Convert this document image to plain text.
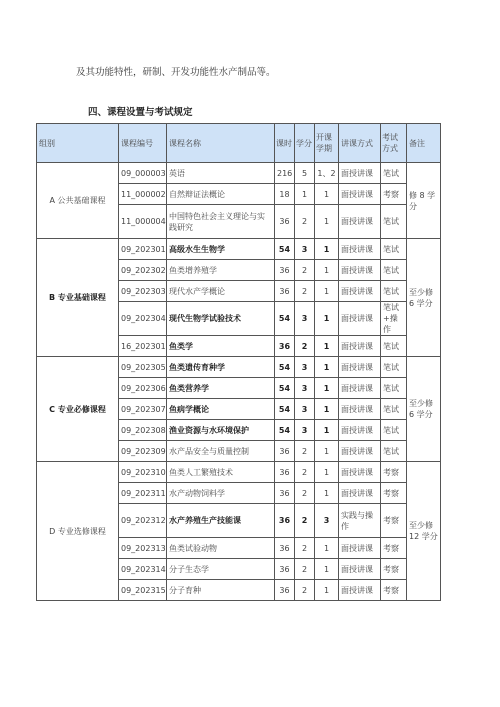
及其功能特性，研制、开发功能性水产制品等。
四、课程设置与考试规定
组别	课程编号	课程名称	课时	学分	开课学期	讲课方式	考试方式	备注
A 公共基础课程	09_000003	英语	216	5	1、2	面授讲课	笔试	修 8 学分
	11_000002	自然辩证法概论	18	1	1	面授讲课	考察	
	11_000004	中国特色社会主义理论与实践研究	36	2	1	面授讲课	笔试	
B 专业基础课程	09_202301	高级水生生物学	54	3	1	面授讲课	笔试	至少修 6 学分
	09_202302	鱼类增养殖学	36	2	1	面授讲课	笔试	
	09_202303	现代水产学概论	36	2	1	面授讲课	笔试	
	09_202304	现代生物学试验技术	54	3	1	面授讲课	笔试+操作	
	16_202301	鱼类学	36	2	1	面授讲课	笔试	
C 专业必修课程	09_202305	鱼类遗传育种学	54	3	1	面授讲课	笔试	至少修 6 学分
	09_202306	鱼类营养学	54	3	1	面授讲课	笔试	
	09_202307	鱼病学概论	54	3	1	面授讲课	笔试	
	09_202308	渔业资源与水环境保护	54	3	1	面授讲课	笔试	
	09_202309	水产品安全与质量控制	36	2	1	面授讲课	笔试	
D 专业选修课程	09_202310	鱼类人工繁殖技术	36	2	1	面授讲课	考察	至少修 12 学分
	09_202311	水产动物饲料学	36	2	1	面授讲课	考察	
	09_202312	水产养殖生产技能课	36	2	3	实践与操作	考察	
	09_202313	鱼类试验动物	36	2	1	面授讲课	考察	
	09_202314	分子生态学	36	2	1	面授讲课	考察	
	09_202315	分子育种	36	2	1	面授讲课	考察	
